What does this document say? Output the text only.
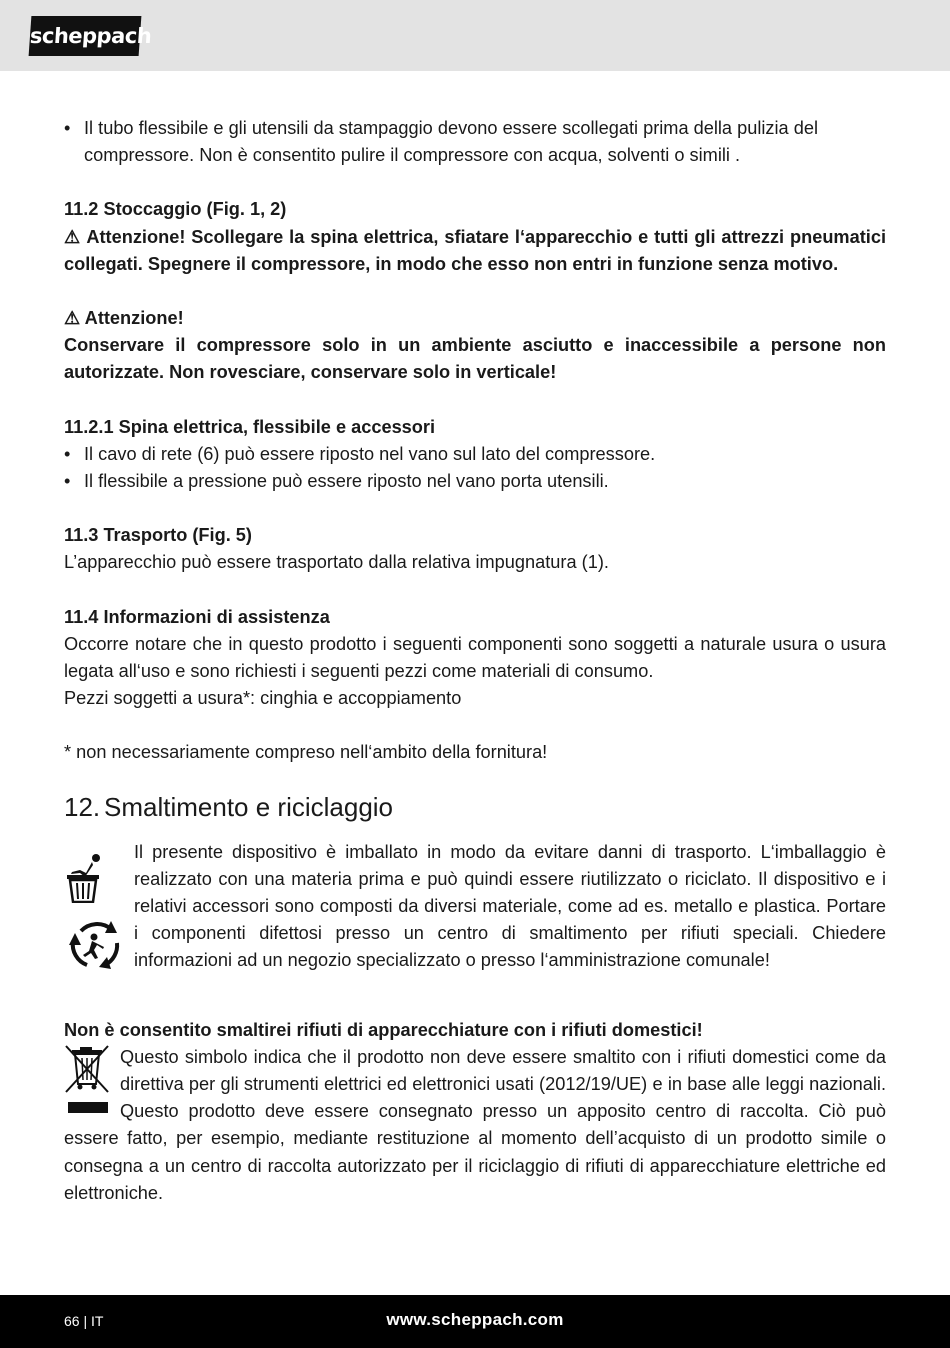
scheppach

• Il tubo flessibile e gli utensili da stampaggio devono essere scollegati prima della pulizia del compressore. Non è consentito pulire il compressore con acqua, solventi o simili .

11.2 Stoccaggio (Fig. 1, 2)

⚠ Attenzione! Scollegare la spina elettrica, sfiatare l‘apparecchio e tutti gli attrezzi pneumatici collegati. Spegnere il compressore, in modo che esso non entri in funzione senza motivo.

⚠ Attenzione!

Conservare il compressore solo in un ambiente asciutto e inaccessibile a persone non autorizzate. Non rovesciare, conservare solo in verticale!

11.2.1 Spina elettrica, flessibile e accessori

• Il cavo di rete (6) può essere riposto nel vano sul lato del compressore.

• Il flessibile a pressione può essere riposto nel vano porta utensili.

11.3 Trasporto (Fig. 5)

L’apparecchio può essere trasportato dalla relativa impugnatura (1).

11.4 Informazioni di assistenza

Occorre notare che in questo prodotto i seguenti componenti sono soggetti a naturale usura o usura legata all‘uso e sono richiesti i seguenti pezzi come materiali di consumo.

Pezzi soggetti a usura*: cinghia e accoppiamento

* non necessariamente compreso nell‘ambito della fornitura!

12. Smaltimento e riciclaggio

Il presente dispositivo è imballato in modo da evitare danni di trasporto. L‘imballaggio è realizzato con una materia prima e può quindi essere riutilizzato o riciclato. Il dispositivo e i relativi accessori sono composti da diversi materiale, come ad es. metallo e plastica. Portare i componenti difettosi presso un centro di smaltimento per rifiuti speciali. Chiedere informazioni ad un negozio specializzato o presso l‘amministrazione comunale!

Non è consentito smaltirei rifiuti di apparecchiature con i rifiuti domestici!

Questo simbolo indica che il prodotto non deve essere smaltito con i rifiuti domestici come da direttiva per gli strumenti elettrici ed elettronici usati (2012/19/UE) e in base alle leggi nazionali. Questo prodotto deve essere consegnato presso un apposito centro di raccolta. Ciò può essere fatto, per esempio, mediante restituzione al momento dell’acquisto di un prodotto simile o consegna a un centro di raccolta autorizzato per il riciclaggio di rifiuti di apparecchiature elettriche ed elettroniche.

66 | IT	www.scheppach.com
